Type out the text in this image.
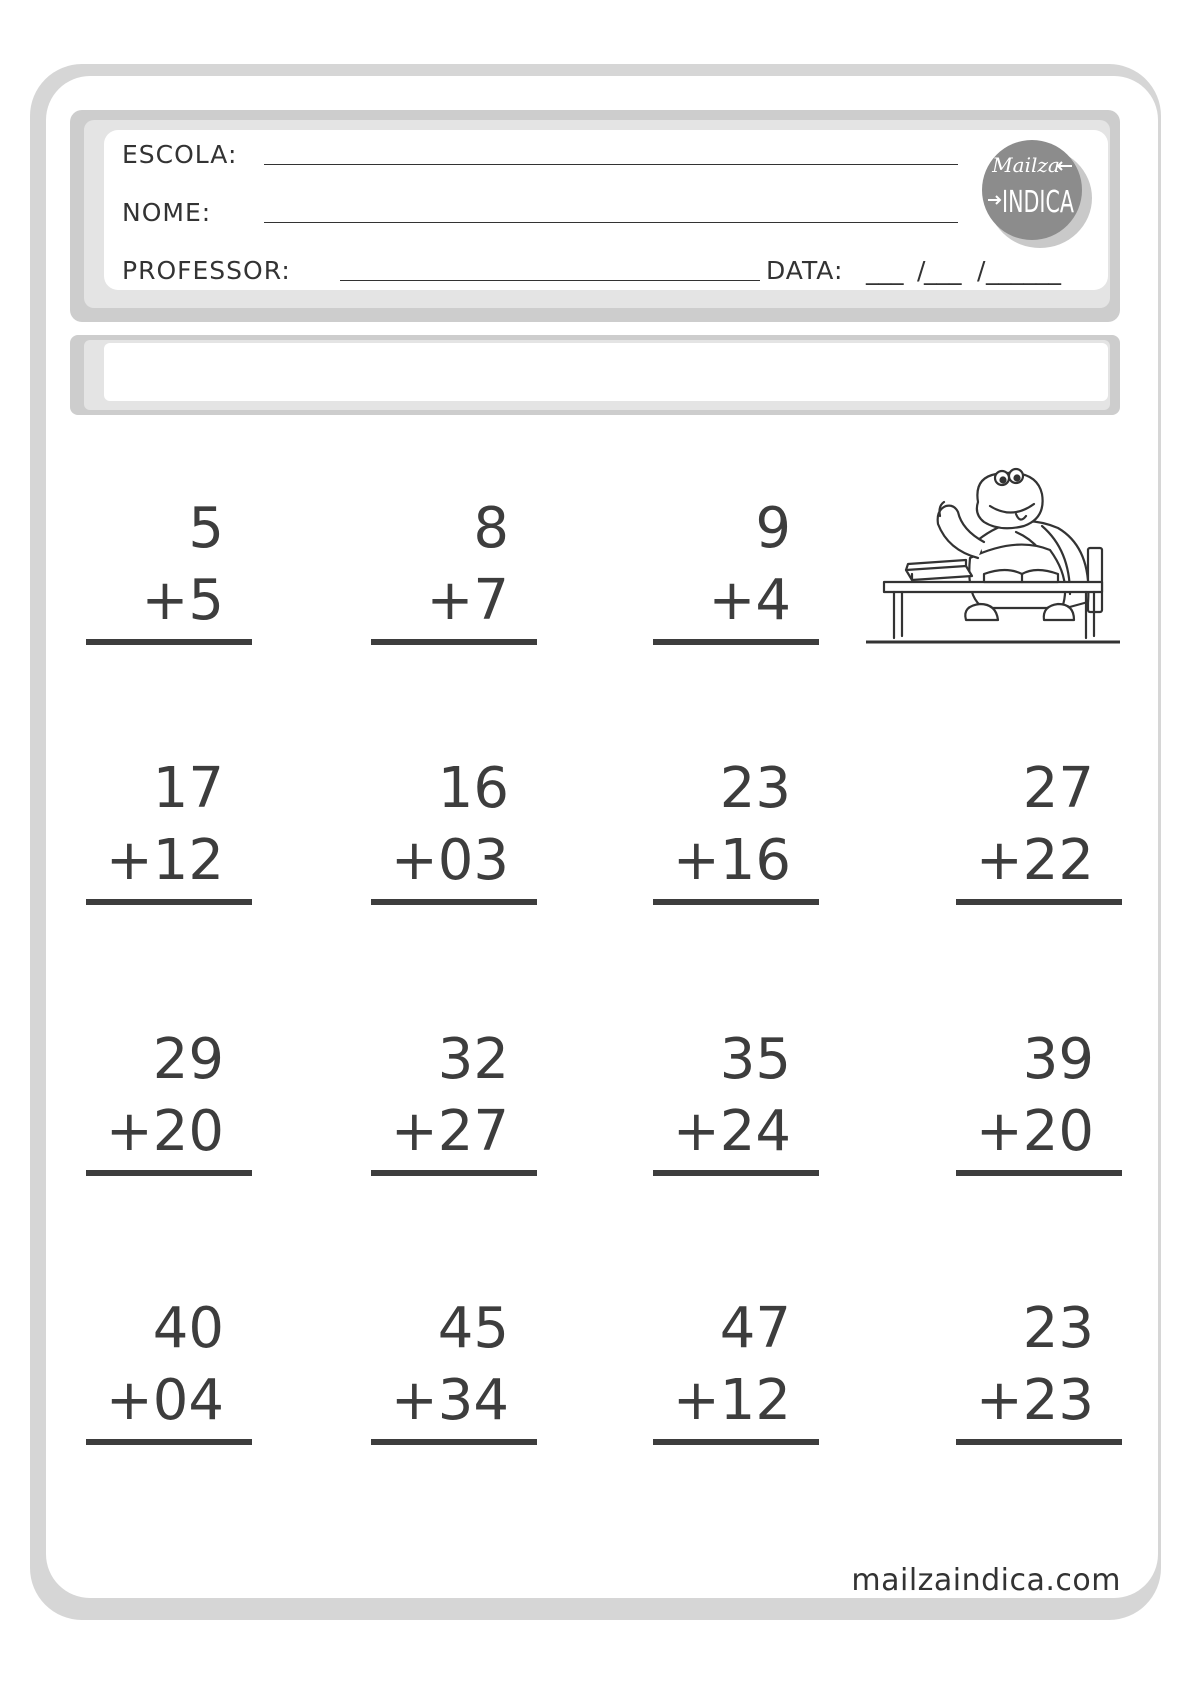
ESCOLA:
NOME:
PROFESSOR:	DATA: ___ /
___ / ______
Mailza
INDICA
5
+5
8
+7
9
+4
17
+12
16
+03
23
+16
27
+22
29
+20
32
+27
35
+24
39
+20
40
+04
45
+34
47
+12
23
+23
mailzaindica.com
